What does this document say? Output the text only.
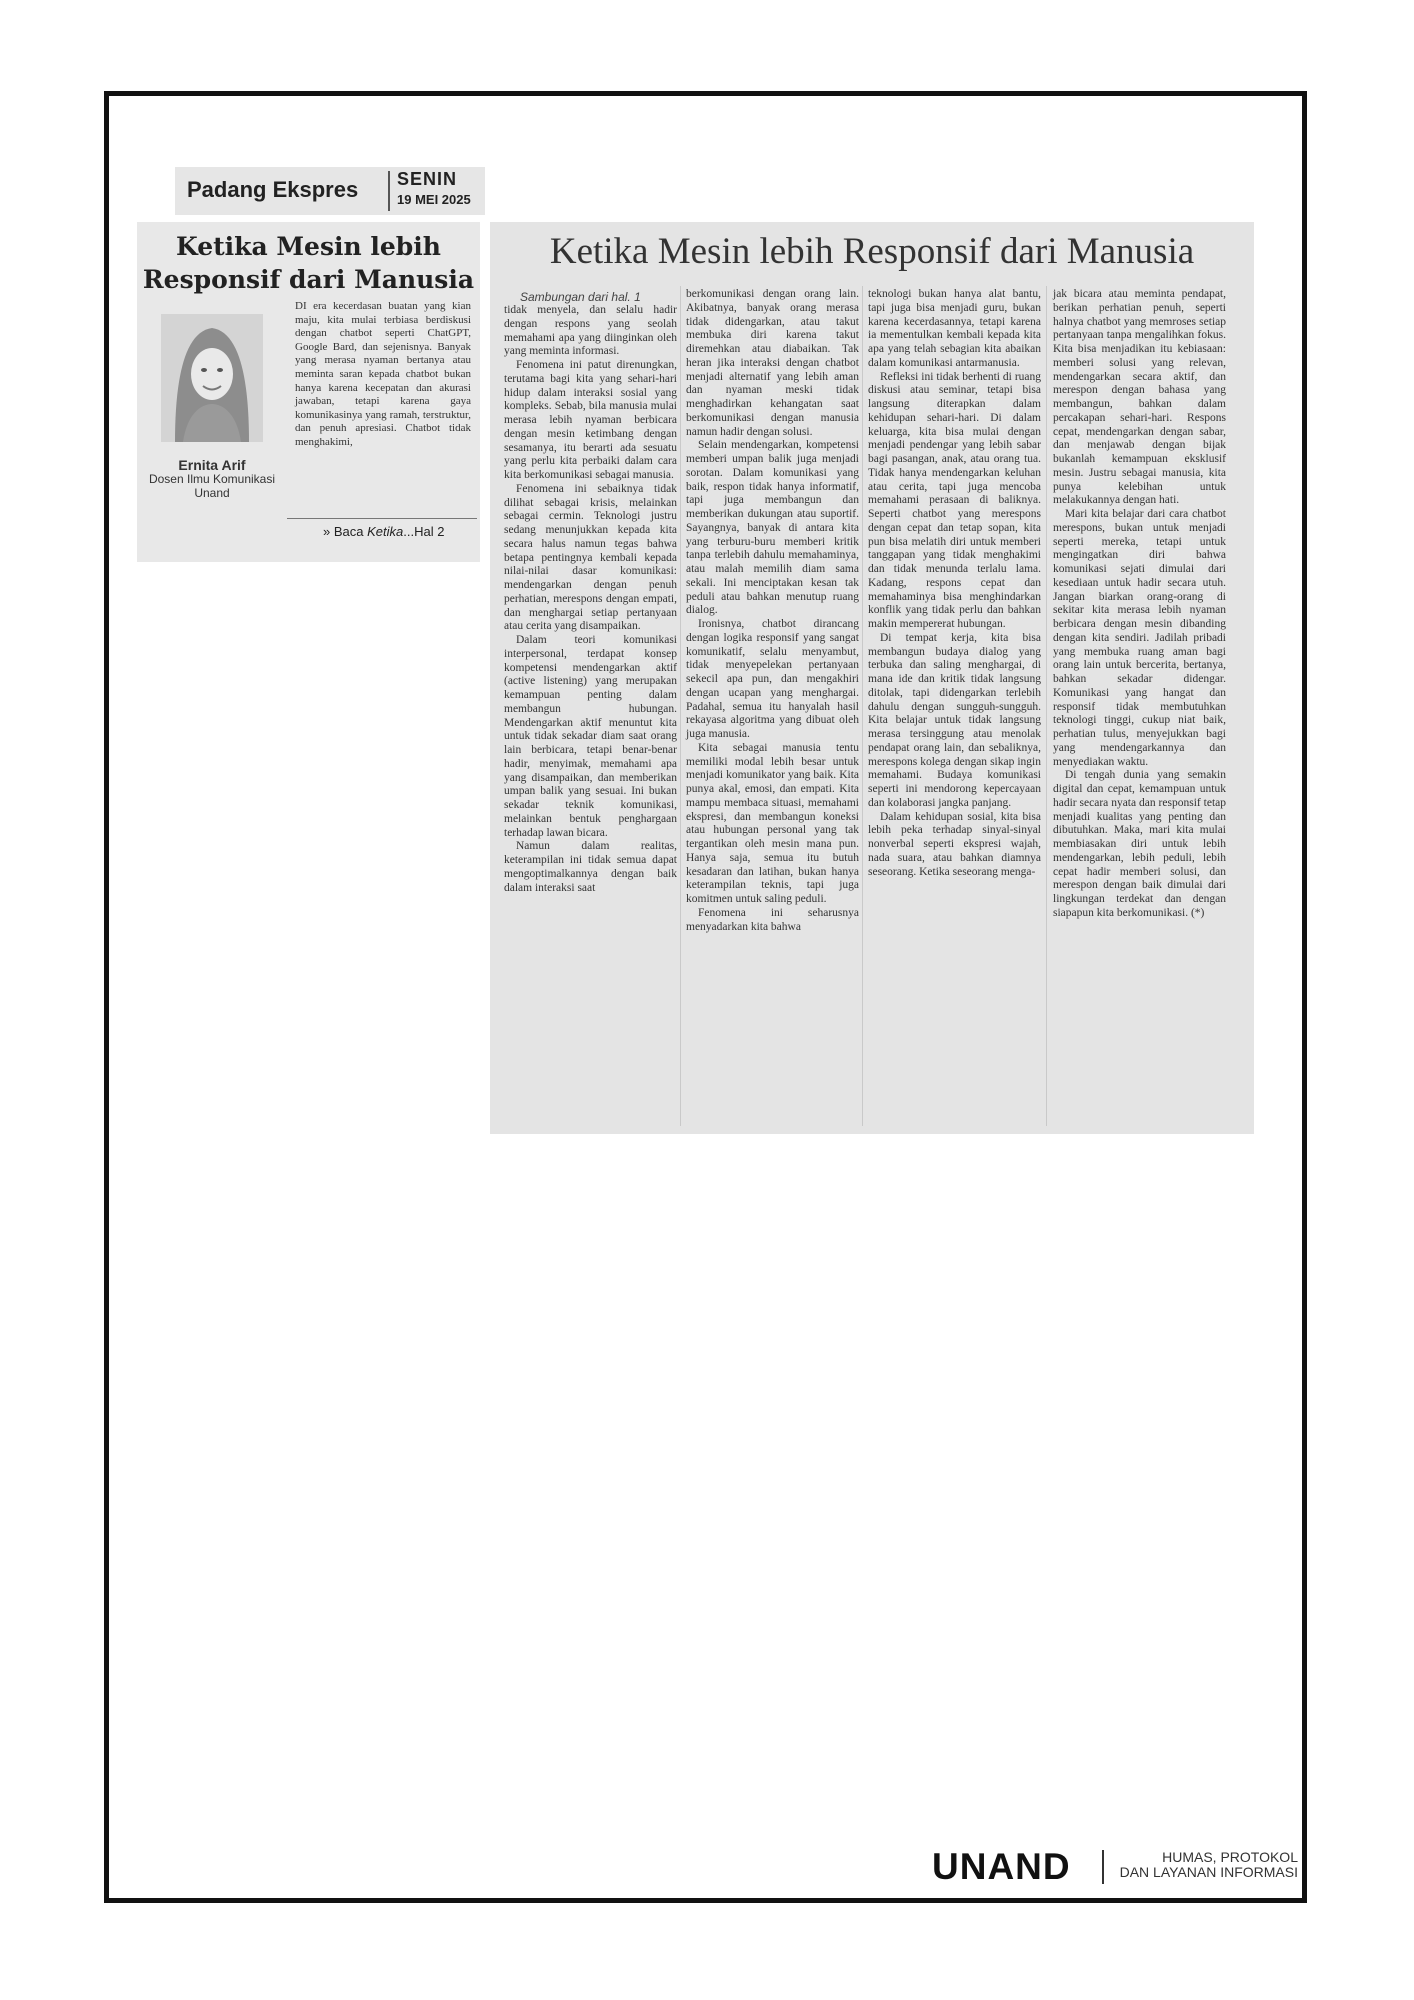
Padang Ekspres SENIN
19 MEI 2025
Ketika Mesin lebih
Responsif dari Manusia
Ernita Arif
Dosen Ilmu Komunikasi
Unand

DI era kecerdasan buatan yang kian maju, kita mulai terbiasa berdiskusi dengan chatbot seperti ChatGPT, Google Bard, dan sejenisnya. Banyak yang merasa nyaman bertanya atau meminta saran kepada chatbot bukan hanya karena kecepatan dan akurasi jawaban, tetapi karena gaya komunikasinya yang ramah, terstruktur, dan penuh apresiasi. Chatbot tidak menghakimi,

» Baca Ketika...Hal 2
Ketika Mesin lebih Responsif dari Manusia
Sambungan dari hal. 1

tidak menyela, dan selalu hadir dengan respons yang seolah memahami apa yang diinginkan oleh yang meminta informasi.

Fenomena ini patut direnungkan, terutama bagi kita yang sehari-hari hidup dalam interaksi sosial yang kompleks. Sebab, bila manusia mulai merasa lebih nyaman berbicara dengan mesin ketimbang dengan sesamanya, itu berarti ada sesuatu yang perlu kita perbaiki dalam cara kita berkomunikasi sebagai manusia.

Fenomena ini sebaiknya tidak dilihat sebagai krisis, melainkan sebagai cermin. Teknologi justru sedang menunjukkan kepada kita secara halus namun tegas bahwa betapa pentingnya kembali kepada nilai-nilai dasar komunikasi: mendengarkan dengan penuh perhatian, merespons dengan empati, dan menghargai setiap pertanyaan atau cerita yang disampaikan.

Dalam teori komunikasi interpersonal, terdapat konsep kompetensi mendengarkan aktif (active listening) yang merupakan kemampuan penting dalam membangun hubungan. Mendengarkan aktif menuntut kita untuk tidak sekadar diam saat orang lain berbicara, tetapi benar-benar hadir, menyimak, memahami apa yang disampaikan, dan memberikan umpan balik yang sesuai. Ini bukan sekadar teknik komunikasi, melainkan bentuk penghargaan terhadap lawan bicara.

Namun dalam realitas, keterampilan ini tidak semua dapat mengoptimalkannya dengan baik dalam interaksi saat

berkomunikasi dengan orang lain. Akibatnya, banyak orang merasa tidak didengarkan, atau takut membuka diri karena takut diremehkan atau diabaikan. Tak heran jika interaksi dengan chatbot menjadi alternatif yang lebih aman dan nyaman meski tidak menghadirkan kehangatan saat berkomunikasi dengan manusia namun hadir dengan solusi.

Selain mendengarkan, kompetensi memberi umpan balik juga menjadi sorotan. Dalam komunikasi yang baik, respon tidak hanya informatif, tapi juga membangun dan memberikan dukungan atau suportif. Sayangnya, banyak di antara kita yang terburu-buru memberi kritik tanpa terlebih dahulu memahaminya, atau malah memilih diam sama sekali. Ini menciptakan kesan tak peduli atau bahkan menutup ruang dialog.

Ironisnya, chatbot dirancang dengan logika responsif yang sangat komunikatif, selalu menyambut, tidak menyepelekan pertanyaan sekecil apa pun, dan mengakhiri dengan ucapan yang menghargai. Padahal, semua itu hanyalah hasil rekayasa algoritma yang dibuat oleh juga manusia.

Kita sebagai manusia tentu memiliki modal lebih besar untuk menjadi komunikator yang baik. Kita punya akal, emosi, dan empati. Kita mampu membaca situasi, memahami ekspresi, dan membangun koneksi atau hubungan personal yang tak tergantikan oleh mesin mana pun. Hanya saja, semua itu butuh kesadaran dan latihan, bukan hanya keterampilan teknis, tapi juga komitmen untuk saling peduli.

Fenomena ini seharusnya menyadarkan kita bahwa

teknologi bukan hanya alat bantu, tapi juga bisa menjadi guru, bukan karena kecerdasannya, tetapi karena ia mementulkan kembali kepada kita apa yang telah sebagian kita abaikan dalam komunikasi antarmanusia.

Refleksi ini tidak berhenti di ruang diskusi atau seminar, tetapi bisa langsung diterapkan dalam kehidupan sehari-hari. Di dalam keluarga, kita bisa mulai dengan menjadi pendengar yang lebih sabar bagi pasangan, anak, atau orang tua. Tidak hanya mendengarkan keluhan atau cerita, tapi juga mencoba memahami perasaan di baliknya. Seperti chatbot yang merespons dengan cepat dan tetap sopan, kita pun bisa melatih diri untuk memberi tanggapan yang tidak menghakimi dan tidak menunda terlalu lama. Kadang, respons cepat dan memahaminya bisa menghindarkan konflik yang tidak perlu dan bahkan makin mempererat hubungan.

Di tempat kerja, kita bisa membangun budaya dialog yang terbuka dan saling menghargai, di mana ide dan kritik tidak langsung ditolak, tapi didengarkan terlebih dahulu dengan sungguh-sungguh. Kita belajar untuk tidak langsung merasa tersinggung atau menolak pendapat orang lain, dan sebaliknya, merespons kolega dengan sikap ingin memahami. Budaya komunikasi seperti ini mendorong kepercayaan dan kolaborasi jangka panjang.

Dalam kehidupan sosial, kita bisa lebih peka terhadap sinyal-sinyal nonverbal seperti ekspresi wajah, nada suara, atau bahkan diamnya seseorang. Ketika seseorang menga-

jak bicara atau meminta pendapat, berikan perhatian penuh, seperti halnya chatbot yang memroses setiap pertanyaan tanpa mengalihkan fokus. Kita bisa menjadikan itu kebiasaan: memberi solusi yang relevan, mendengarkan secara aktif, dan merespon dengan bahasa yang membangun, bahkan dalam percakapan sehari-hari. Respons cepat, mendengarkan dengan sabar, dan menjawab dengan bijak bukanlah kemampuan eksklusif mesin. Justru sebagai manusia, kita punya kelebihan untuk melakukannya dengan hati.

Mari kita belajar dari cara chatbot merespons, bukan untuk menjadi seperti mereka, tetapi untuk mengingatkan diri bahwa komunikasi sejati dimulai dari kesediaan untuk hadir secara utuh. Jangan biarkan orang-orang di sekitar kita merasa lebih nyaman berbicara dengan mesin dibanding dengan kita sendiri. Jadilah pribadi yang membuka ruang aman bagi orang lain untuk bercerita, bertanya, bahkan sekadar didengar. Komunikasi yang hangat dan responsif tidak membutuhkan teknologi tinggi, cukup niat baik, perhatian tulus, menyejukkan bagi yang mendengarkannya dan menyediakan waktu.

Di tengah dunia yang semakin digital dan cepat, kemampuan untuk hadir secara nyata dan responsif tetap menjadi kualitas yang penting dan dibutuhkan. Maka, mari kita mulai membiasakan diri untuk lebih mendengarkan, lebih peduli, lebih cepat hadir memberi solusi, dan merespon dengan baik dimulai dari lingkungan terdekat dan dengan siapapun kita berkomunikasi. (*)

UNAND	HUMAS, PROTOKOL
DAN LAYANAN INFORMASI
